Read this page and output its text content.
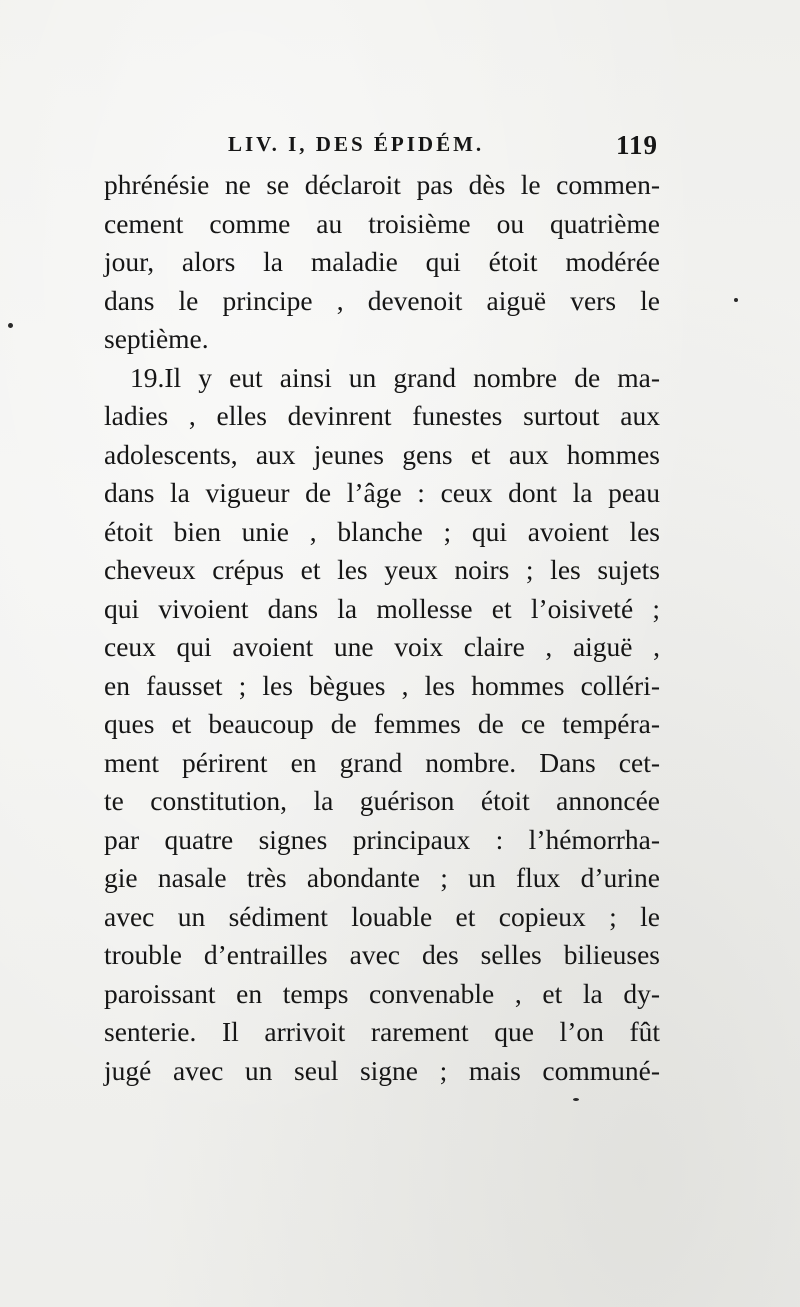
LIV. I, DES ÉPIDÉM.	119
phrénésie ne se déclaroit pas dès le commen-
cement comme au troisième ou quatrième
jour, alors la maladie qui étoit modérée
dans le principe , devenoit aiguë vers le
septième.
19.Il y eut ainsi un grand nombre de ma-
ladies , elles devinrent funestes surtout aux
adolescents, aux jeunes gens et aux hommes
dans la vigueur de l’âge : ceux dont la peau
étoit bien unie , blanche ; qui avoient les
cheveux crépus et les yeux noirs ; les sujets
qui vivoient dans la mollesse et l’oisiveté ;
ceux qui avoient une voix claire , aiguë ,
en fausset ; les bègues , les hommes colléri-
ques et beaucoup de femmes de ce tempéra-
ment périrent en grand nombre. Dans cet-
te constitution, la guérison étoit annoncée
par quatre signes principaux : l’hémorrha-
gie nasale très abondante ; un flux d’urine
avec un sédiment louable et copieux ; le
trouble d’entrailles avec des selles bilieuses
paroissant en temps convenable , et la dy-
senterie. Il arrivoit rarement que l’on fût
jugé avec un seul signe ; mais communé-
